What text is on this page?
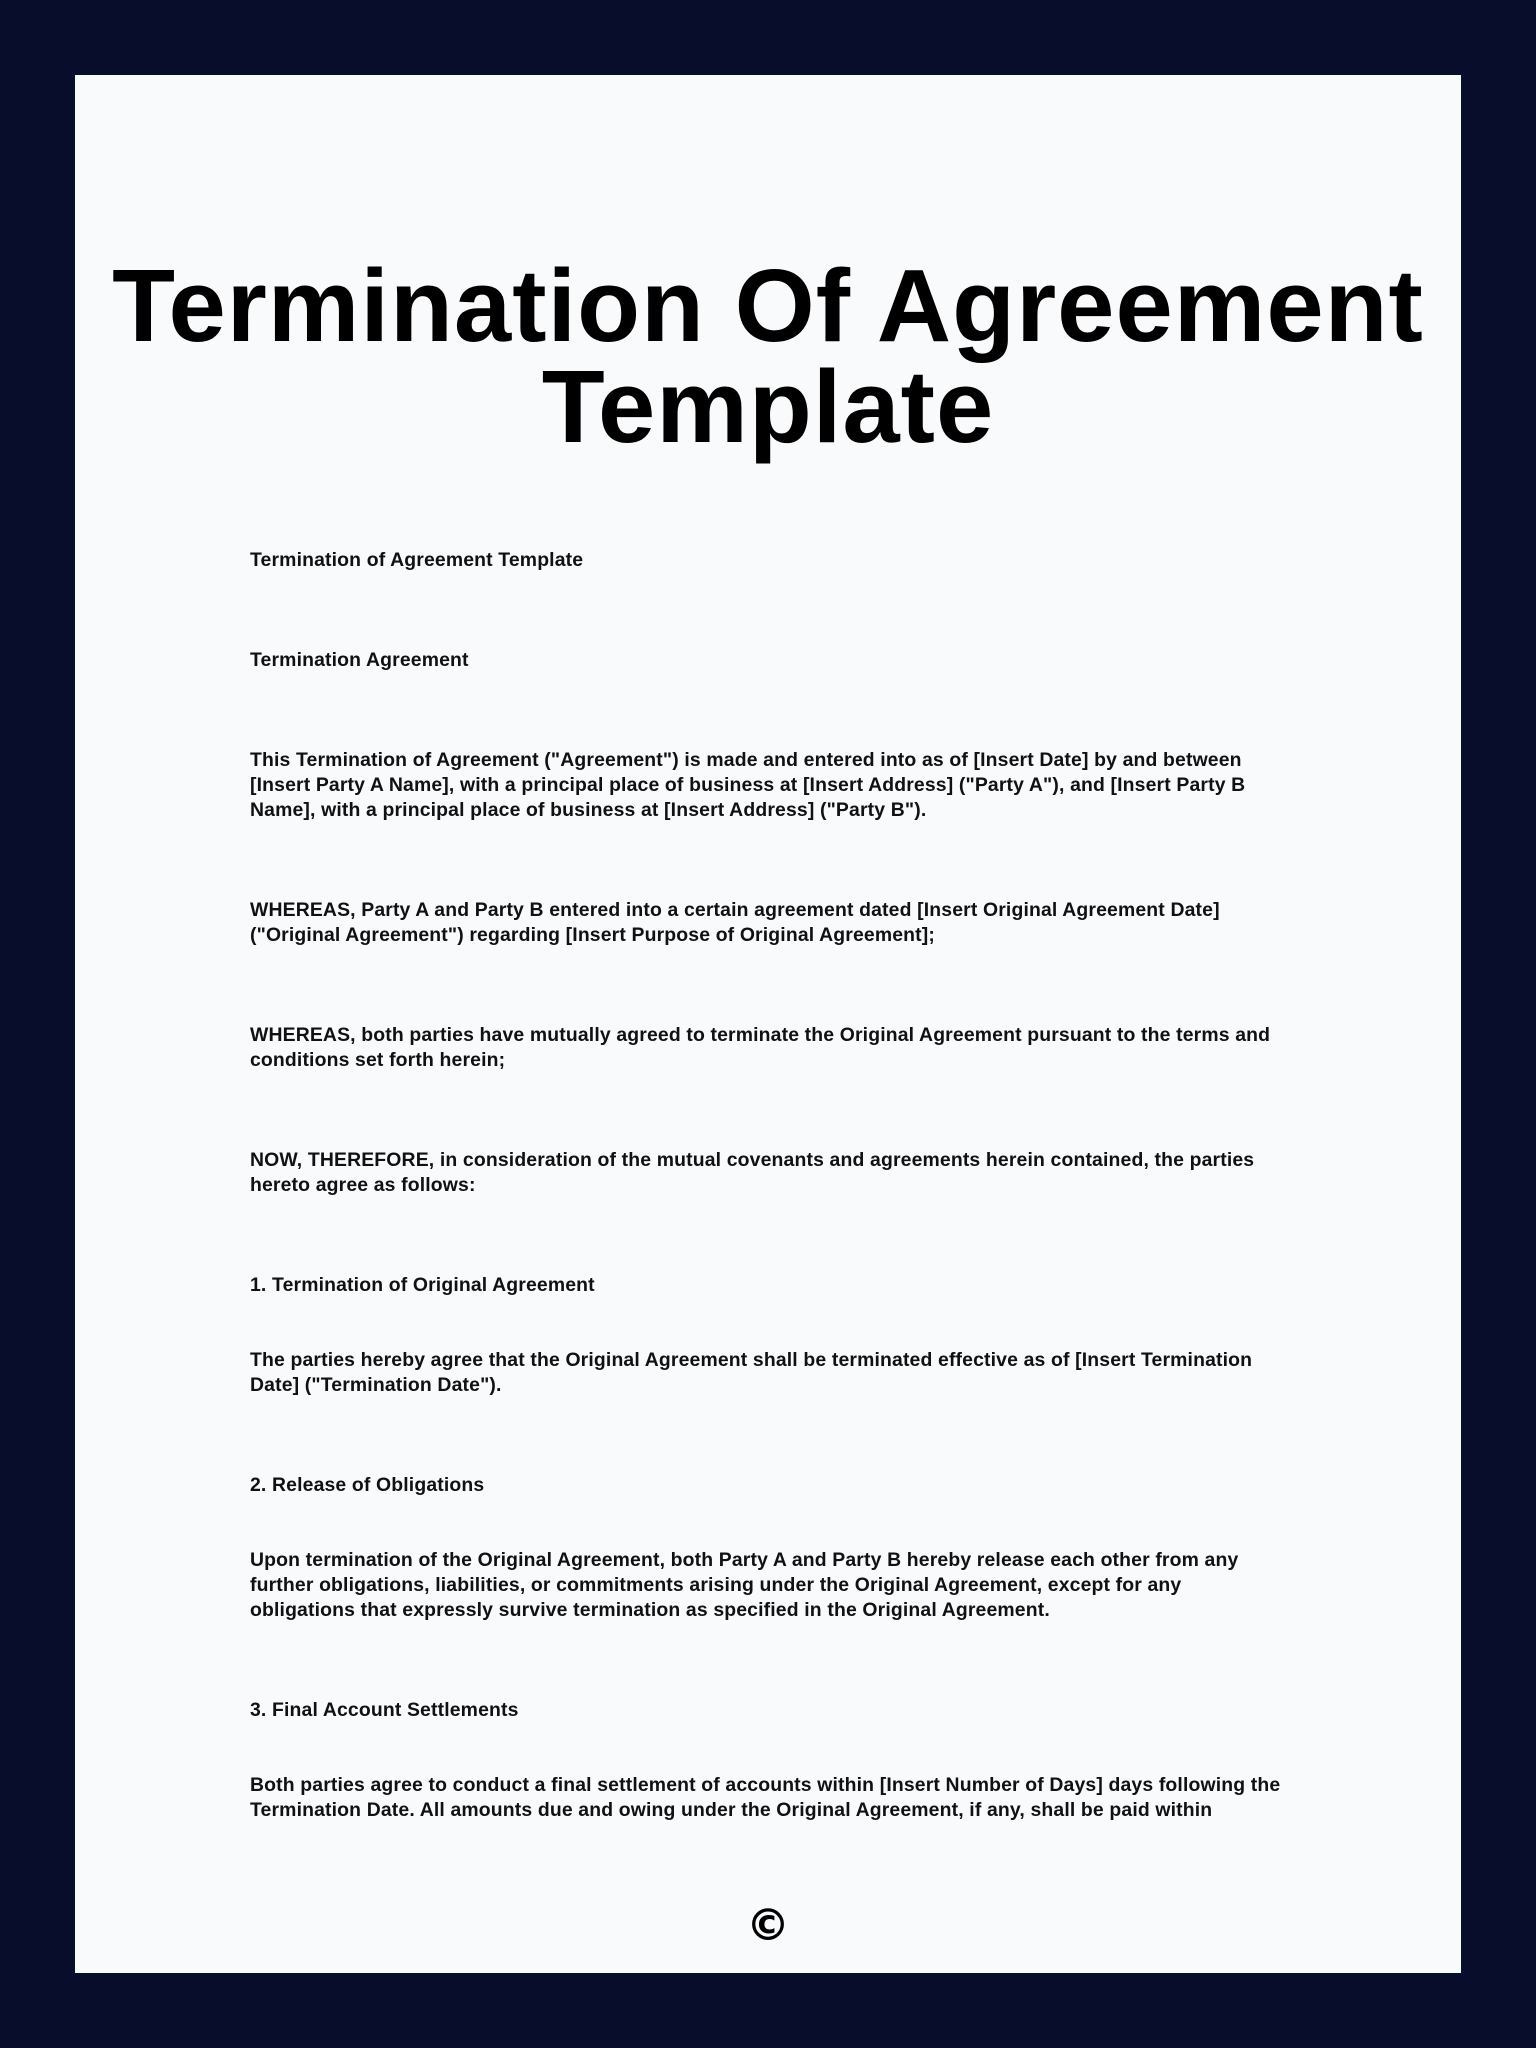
Termination Of Agreement Template

Termination of Agreement Template

Termination Agreement

This Termination of Agreement ("Agreement") is made and entered into as of [Insert Date] by and between [Insert Party A Name], with a principal place of business at [Insert Address] ("Party A"), and [Insert Party B Name], with a principal place of business at [Insert Address] ("Party B").

WHEREAS, Party A and Party B entered into a certain agreement dated [Insert Original Agreement Date] ("Original Agreement") regarding [Insert Purpose of Original Agreement];

WHEREAS, both parties have mutually agreed to terminate the Original Agreement pursuant to the terms and conditions set forth herein;

NOW, THEREFORE, in consideration of the mutual covenants and agreements herein contained, the parties hereto agree as follows:

1. Termination of Original Agreement

The parties hereby agree that the Original Agreement shall be terminated effective as of [Insert Termination Date] ("Termination Date").

2. Release of Obligations

Upon termination of the Original Agreement, both Party A and Party B hereby release each other from any further obligations, liabilities, or commitments arising under the Original Agreement, except for any obligations that expressly survive termination as specified in the Original Agreement.

3. Final Account Settlements

Both parties agree to conduct a final settlement of accounts within [Insert Number of Days] days following the Termination Date. All amounts due and owing under the Original Agreement, if any, shall be paid within

©
